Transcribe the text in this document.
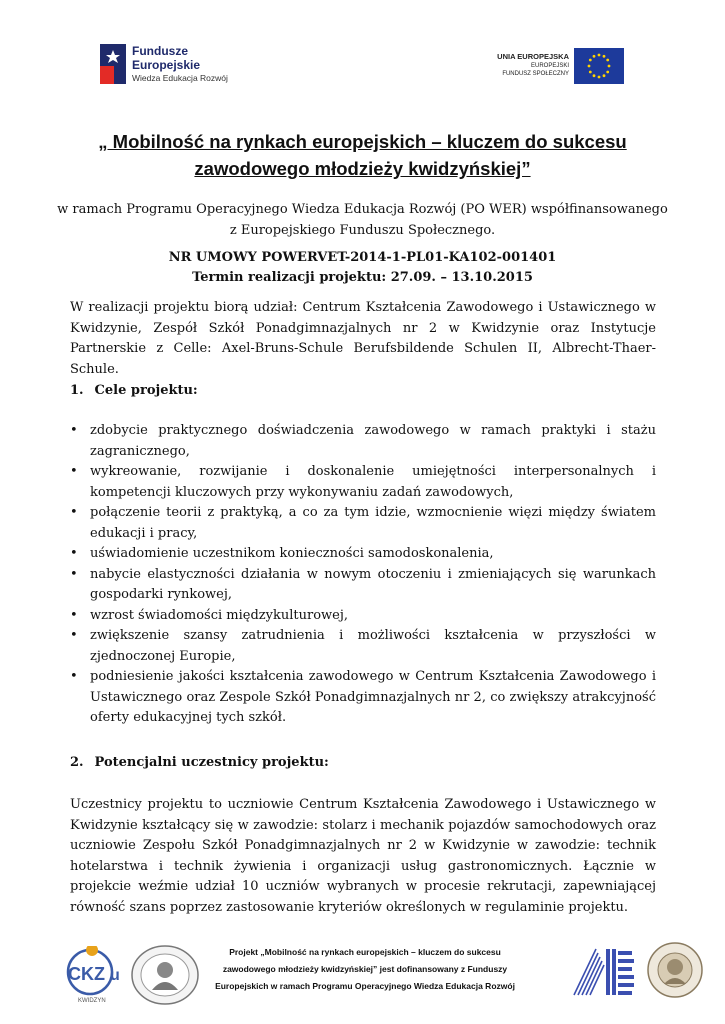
Fundusze
Europejskie
Wiedza Edukacja Rozwój
UNIA EUROPEJSKA
EUROPEJSKI
FUNDUSZ SPOŁECZNY
„ Mobilność na rynkach europejskich – kluczem do sukcesu
zawodowego młodzieży kwidzyńskiej”
w ramach Programu Operacyjnego Wiedza Edukacja Rozwój (PO WER) współfinansowanego
z Europejskiego Funduszu Społecznego.
NR UMOWY POWERVET-2014-1-PL01-KA102-001401
Termin realizacji projektu: 27.09. – 13.10.2015
W realizacji projektu biorą udział: Centrum Kształcenia Zawodowego i Ustawicznego w Kwidzynie, Zespół Szkół Ponadgimnazjalnych nr 2 w Kwidzynie oraz Instytucje Partnerskie z Celle: Axel-Bruns-Schule Berufsbildende Schulen II, Albrecht-Thaer-Schule.
1. Cele projektu:
• zdobycie praktycznego doświadczenia zawodowego w ramach praktyki i stażu zagranicznego,
• wykreowanie, rozwijanie i doskonalenie umiejętności interpersonalnych i kompetencji kluczowych przy wykonywaniu zadań zawodowych,
• połączenie teorii z praktyką, a co za tym idzie, wzmocnienie więzi między światem edukacji i pracy,
• uświadomienie uczestnikom konieczności samodoskonalenia,
• nabycie elastyczności działania w nowym otoczeniu i zmieniających się warunkach gospodarki rynkowej,
• wzrost świadomości międzykulturowej,
• zwiększenie szansy zatrudnienia i możliwości kształcenia w przyszłości w zjednoczonej Europie,
• podniesienie jakości kształcenia zawodowego w Centrum Kształcenia Zawodowego i Ustawicznego oraz Zespole Szkół Ponadgimnazjalnych nr 2, co zwiększy atrakcyjność oferty edukacyjnej tych szkół.
2. Potencjalni uczestnicy projektu:
Uczestnicy projektu to uczniowie Centrum Kształcenia Zawodowego i Ustawicznego w Kwidzynie kształcący się w zawodzie: stolarz i mechanik pojazdów samochodowych oraz uczniowie Zespołu Szkół Ponadgimnazjalnych nr 2 w Kwidzynie w zawodzie: technik hotelarstwa i technik żywienia i organizacji usług gastronomicznych. Łącznie w projekcie weźmie udział 10 uczniów wybranych w procesie rekrutacji, zapewniającej równość szans poprzez zastosowanie kryteriów określonych w regulaminie projektu.
CKZ u
KWIDZYN
Projekt „Mobilność na rynkach europejskich – kluczem do sukcesu
zawodowego młodzieży kwidzyńskiej” jest dofinansowany z Funduszy
Europejskich w ramach Programu Operacyjnego Wiedza Edukacja Rozwój
